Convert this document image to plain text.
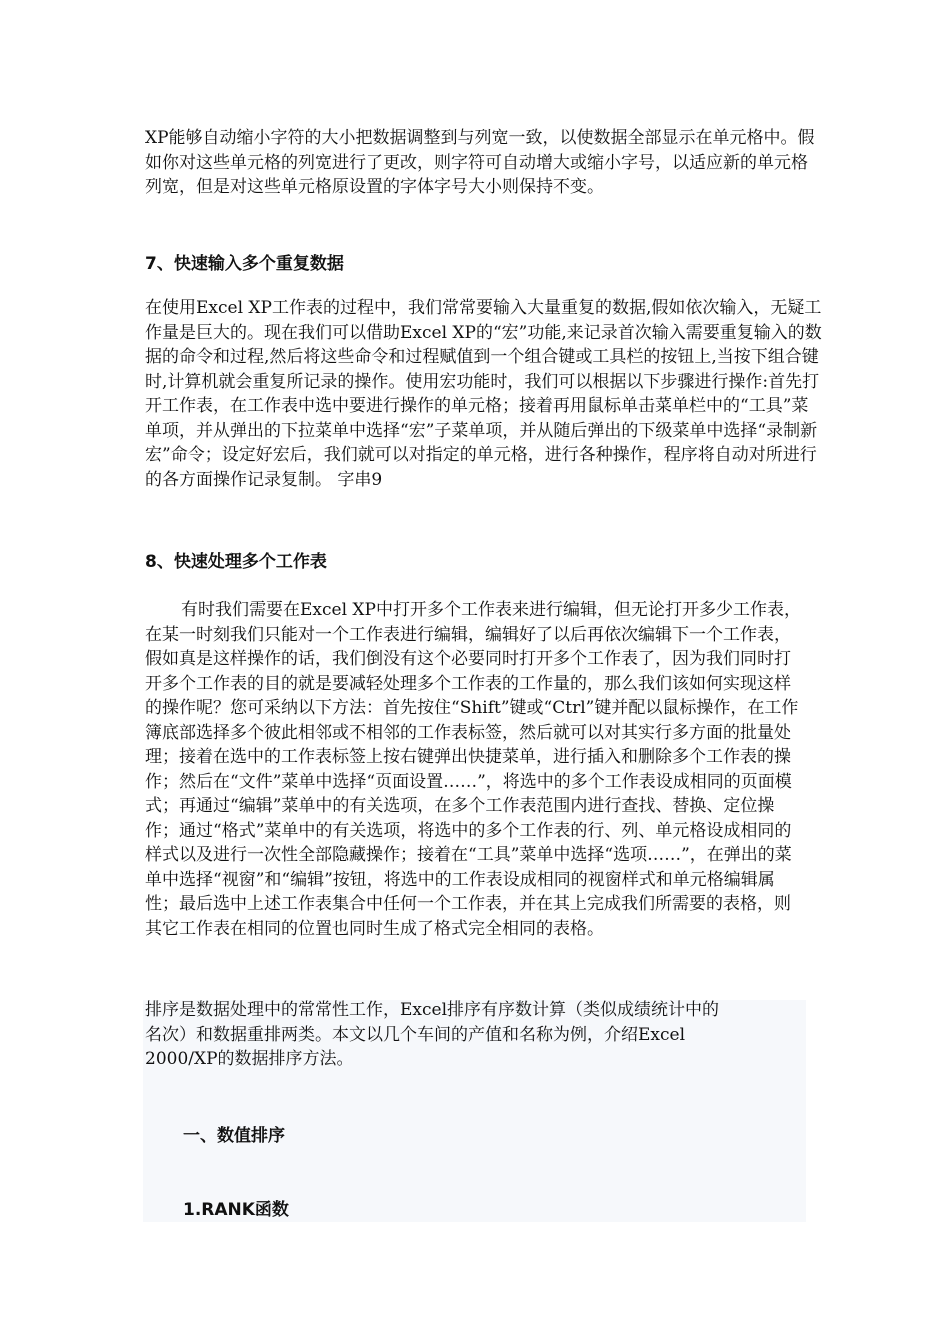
XP能够自动缩小字符的大小把数据调整到与列宽一致，以使数据全部显示在单元格中。假如你对这些单元格的列宽进行了更改，则字符可自动增大或缩小字号，以适应新的单元格列宽，但是对这些单元格原设置的字体字号大小则保持不变。

7、快速输入多个重复数据

在使用Excel XP工作表的过程中，我们常常要输入大量重复的数据,假如依次输入，无疑工作量是巨大的。现在我们可以借助Excel XP的“宏”功能,来记录首次输入需要重复输入的数据的命令和过程,然后将这些命令和过程赋值到一个组合键或工具栏的按钮上,当按下组合键时,计算机就会重复所记录的操作。使用宏功能时，我们可以根据以下步骤进行操作:首先打开工作表，在工作表中选中要进行操作的单元格；接着再用鼠标单击菜单栏中的“工具”菜单项，并从弹出的下拉菜单中选择“宏”子菜单项，并从随后弹出的下级菜单中选择“录制新宏”命令；设定好宏后，我们就可以对指定的单元格，进行各种操作，程序将自动对所进行的各方面操作记录复制。 字串9

8、快速处理多个工作表

有时我们需要在Excel XP中打开多个工作表来进行编辑，但无论打开多少工作表，在某一时刻我们只能对一个工作表进行编辑，编辑好了以后再依次编辑下一个工作表，假如真是这样操作的话，我们倒没有这个必要同时打开多个工作表了，因为我们同时打开多个工作表的目的就是要减轻处理多个工作表的工作量的，那么我们该如何实现这样的操作呢？您可采纳以下方法：首先按住“Shift”键或“Ctrl”键并配以鼠标操作，在工作簿底部选择多个彼此相邻或不相邻的工作表标签，然后就可以对其实行多方面的批量处理；接着在选中的工作表标签上按右键弹出快捷菜单，进行插入和删除多个工作表的操作；然后在“文件”菜单中选择“页面设置……”，将选中的多个工作表设成相同的页面模式；再通过“编辑”菜单中的有关选项，在多个工作表范围内进行查找、替换、定位操作；通过“格式”菜单中的有关选项，将选中的多个工作表的行、列、单元格设成相同的样式以及进行一次性全部隐藏操作；接着在“工具”菜单中选择“选项……”，在弹出的菜单中选择“视窗”和“编辑”按钮，将选中的工作表设成相同的视窗样式和单元格编辑属性；最后选中上述工作表集合中任何一个工作表，并在其上完成我们所需要的表格，则其它工作表在相同的位置也同时生成了格式完全相同的表格。

排序是数据处理中的常常性工作，Excel排序有序数计算（类似成绩统计中的
名次）和数据重排两类。本文以几个车间的产值和名称为例，介绍Excel
2000/XP的数据排序方法。

一、数值排序

1.RANK函数
